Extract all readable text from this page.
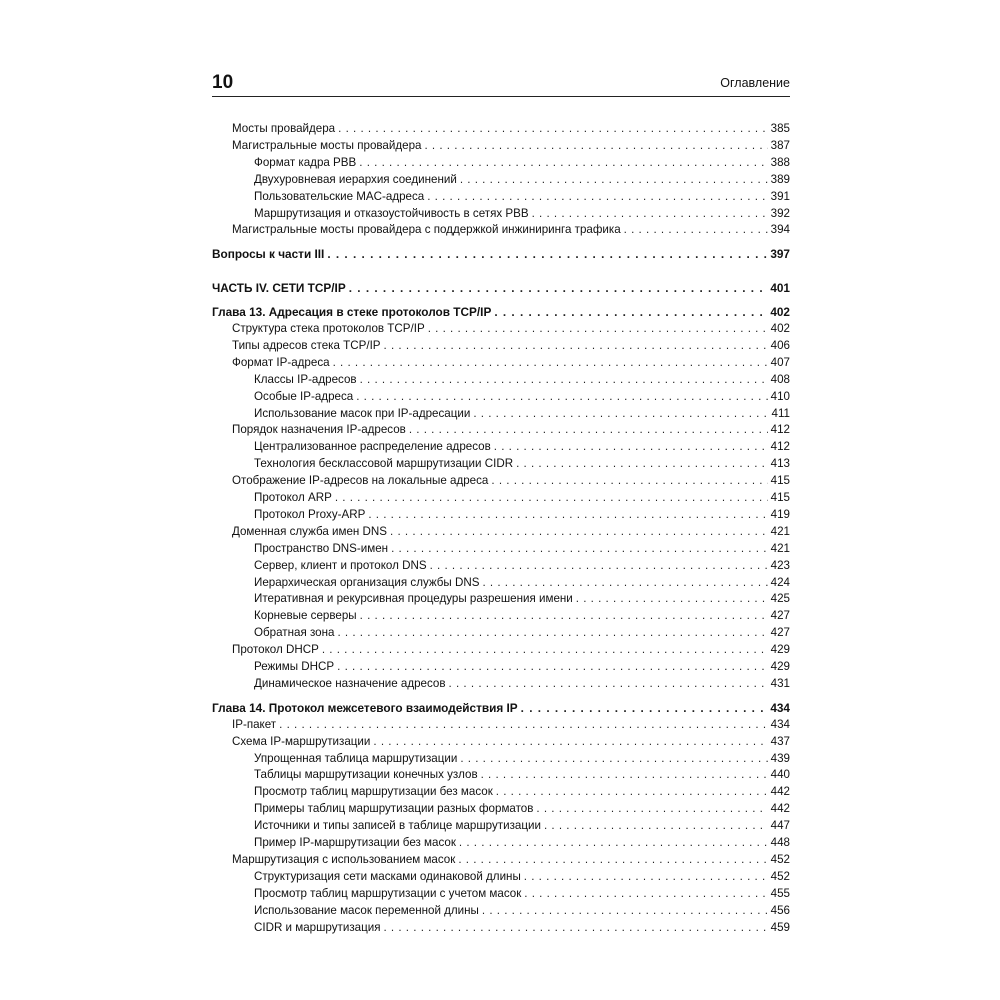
10	Оглавление
Мосты провайдера . . .	385
Магистральные мосты провайдера . . .	387
Формат кадра PBB . . .	388
Двухуровневая иерархия соединений . . .	389
Пользовательские MAC-адреса . . .	391
Маршрутизация и отказоустойчивость в сетях PBB . . .	392
Магистральные мосты провайдера с поддержкой инжиниринга трафика . . .	394
Вопросы к части III . . .	397
ЧАСТЬ IV. СЕТИ TCP/IP . . .	401
Глава 13. Адресация в стеке протоколов TCP/IP . . .	402
Структура стека протоколов TCP/IP . . .	402
Типы адресов стека TCP/IP . . .	406
Формат IP-адреса . . .	407
Классы IP-адресов . . .	408
Особые IP-адреса . . .	410
Использование масок при IP-адресации . . .	411
Порядок назначения IP-адресов . . .	412
Централизованное распределение адресов . . .	412
Технология бесклассовой маршрутизации CIDR . . .	413
Отображение IP-адресов на локальные адреса . . .	415
Протокол ARP . . .	415
Протокол Proxy-ARP . . .	419
Доменная служба имен DNS . . .	421
Пространство DNS-имен . . .	421
Сервер, клиент и протокол DNS . . .	423
Иерархическая организация службы DNS . . .	424
Итеративная и рекурсивная процедуры разрешения имени . . .	425
Корневые серверы . . .	427
Обратная зона . . .	427
Протокол DHCP . . .	429
Режимы DHCP . . .	429
Динамическое назначение адресов . . .	431
Глава 14. Протокол межсетевого взаимодействия IP . . .	434
IP-пакет . . .	434
Схема IP-маршрутизации . . .	437
Упрощенная таблица маршрутизации . . .	439
Таблицы маршрутизации конечных узлов . . .	440
Просмотр таблиц маршрутизации без масок . . .	442
Примеры таблиц маршрутизации разных форматов . . .	442
Источники и типы записей в таблице маршрутизации . . .	447
Пример IP-маршрутизации без масок . . .	448
Маршрутизация с использованием масок . . .	452
Структуризация сети масками одинаковой длины . . .	452
Просмотр таблиц маршрутизации с учетом масок . . .	455
Использование масок переменной длины . . .	456
CIDR и маршрутизация . . .	459
